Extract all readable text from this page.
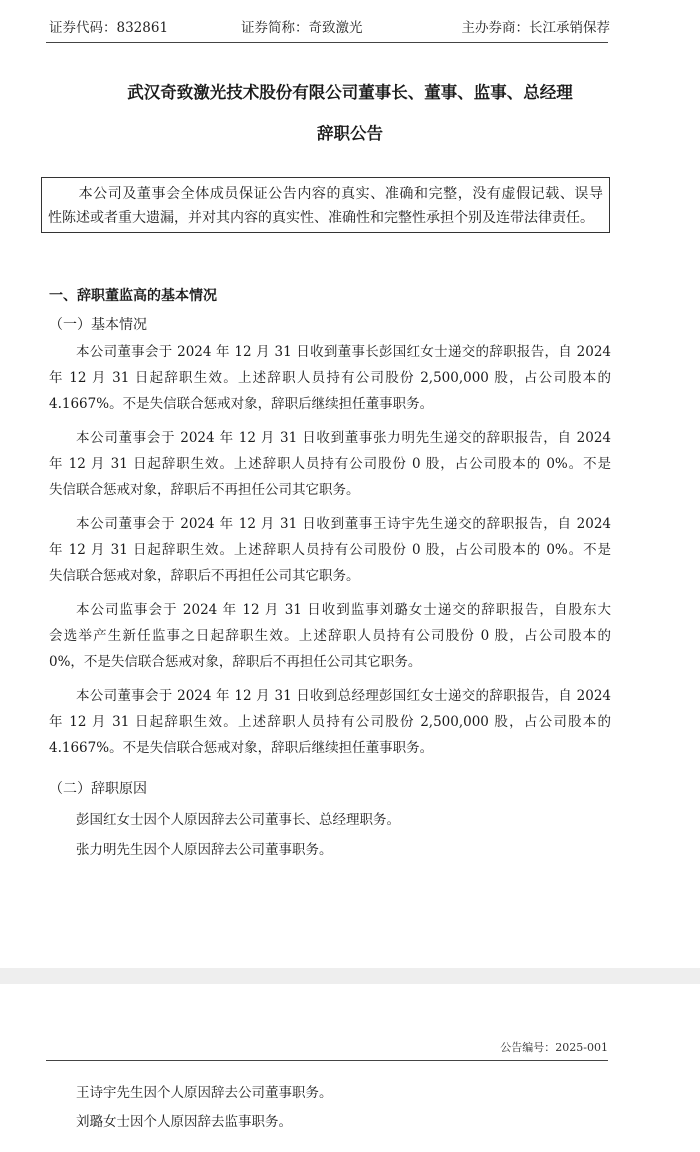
证券代码：832861	证券简称：奇致激光	主办券商：长江承销保荐
武汉奇致激光技术股份有限公司董事长、董事、监事、总经理
辞职公告
本公司及董事会全体成员保证公告内容的真实、准确和完整，没有虚假记载、误导
性陈述或者重大遗漏，并对其内容的真实性、准确性和完整性承担个别及连带法律责任。
一、辞职董监高的基本情况
（一）基本情况
本公司董事会于 2024 年 12 月 31 日收到董事长彭国红女士递交的辞职报告，自 2024
年 12 月 31 日起辞职生效。上述辞职人员持有公司股份 2,500,000 股，占公司股本的
4.1667%。不是失信联合惩戒对象，辞职后继续担任董事职务。
本公司董事会于 2024 年 12 月 31 日收到董事张力明先生递交的辞职报告，自 2024
年 12 月 31 日起辞职生效。上述辞职人员持有公司股份 0 股，占公司股本的 0%。不是
失信联合惩戒对象，辞职后不再担任公司其它职务。
本公司董事会于 2024 年 12 月 31 日收到董事王诗宇先生递交的辞职报告，自 2024
年 12 月 31 日起辞职生效。上述辞职人员持有公司股份 0 股，占公司股本的 0%。不是
失信联合惩戒对象，辞职后不再担任公司其它职务。
本公司监事会于 2024 年 12 月 31 日收到监事刘璐女士递交的辞职报告，自股东大
会选举产生新任监事之日起辞职生效。上述辞职人员持有公司股份 0 股，占公司股本的
0%，不是失信联合惩戒对象，辞职后不再担任公司其它职务。
本公司董事会于 2024 年 12 月 31 日收到总经理彭国红女士递交的辞职报告，自 2024
年 12 月 31 日起辞职生效。上述辞职人员持有公司股份 2,500,000 股，占公司股本的
4.1667%。不是失信联合惩戒对象，辞职后继续担任董事职务。
（二）辞职原因
彭国红女士因个人原因辞去公司董事长、总经理职务。
张力明先生因个人原因辞去公司董事职务。
公告编号：2025-001
王诗宇先生因个人原因辞去公司董事职务。
刘璐女士因个人原因辞去监事职务。
